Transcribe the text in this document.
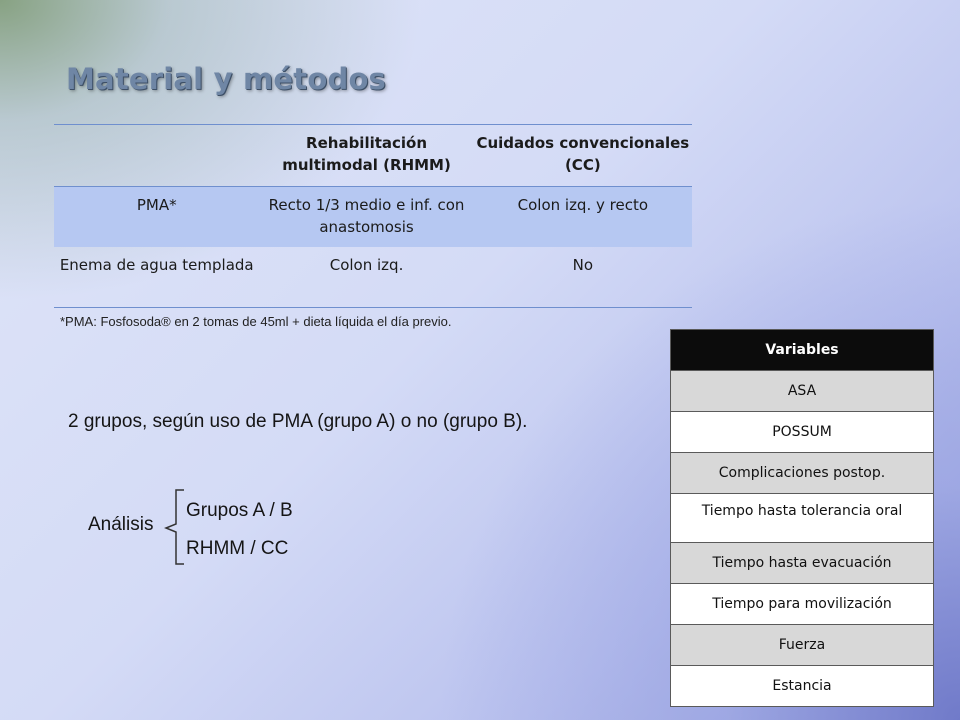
Material y métodos
	Rehabilitación multimodal (RHMM)	Cuidados convencionales (CC)
PMA*	Recto 1/3 medio e inf. con anastomosis	Colon izq. y recto
Enema de agua templada	Colon izq.	No
*PMA: Fosfosoda® en 2 tomas de 45ml + dieta líquida el día previo.
2 grupos, según uso de PMA (grupo A) o no (grupo B).
Análisis
Grupos A / B
RHMM / CC
Variables
ASA
POSSUM
Complicaciones postop.

Tiempo hasta tolerancia oral

Tiempo hasta evacuación
Tiempo para movilización
Fuerza
Estancia
